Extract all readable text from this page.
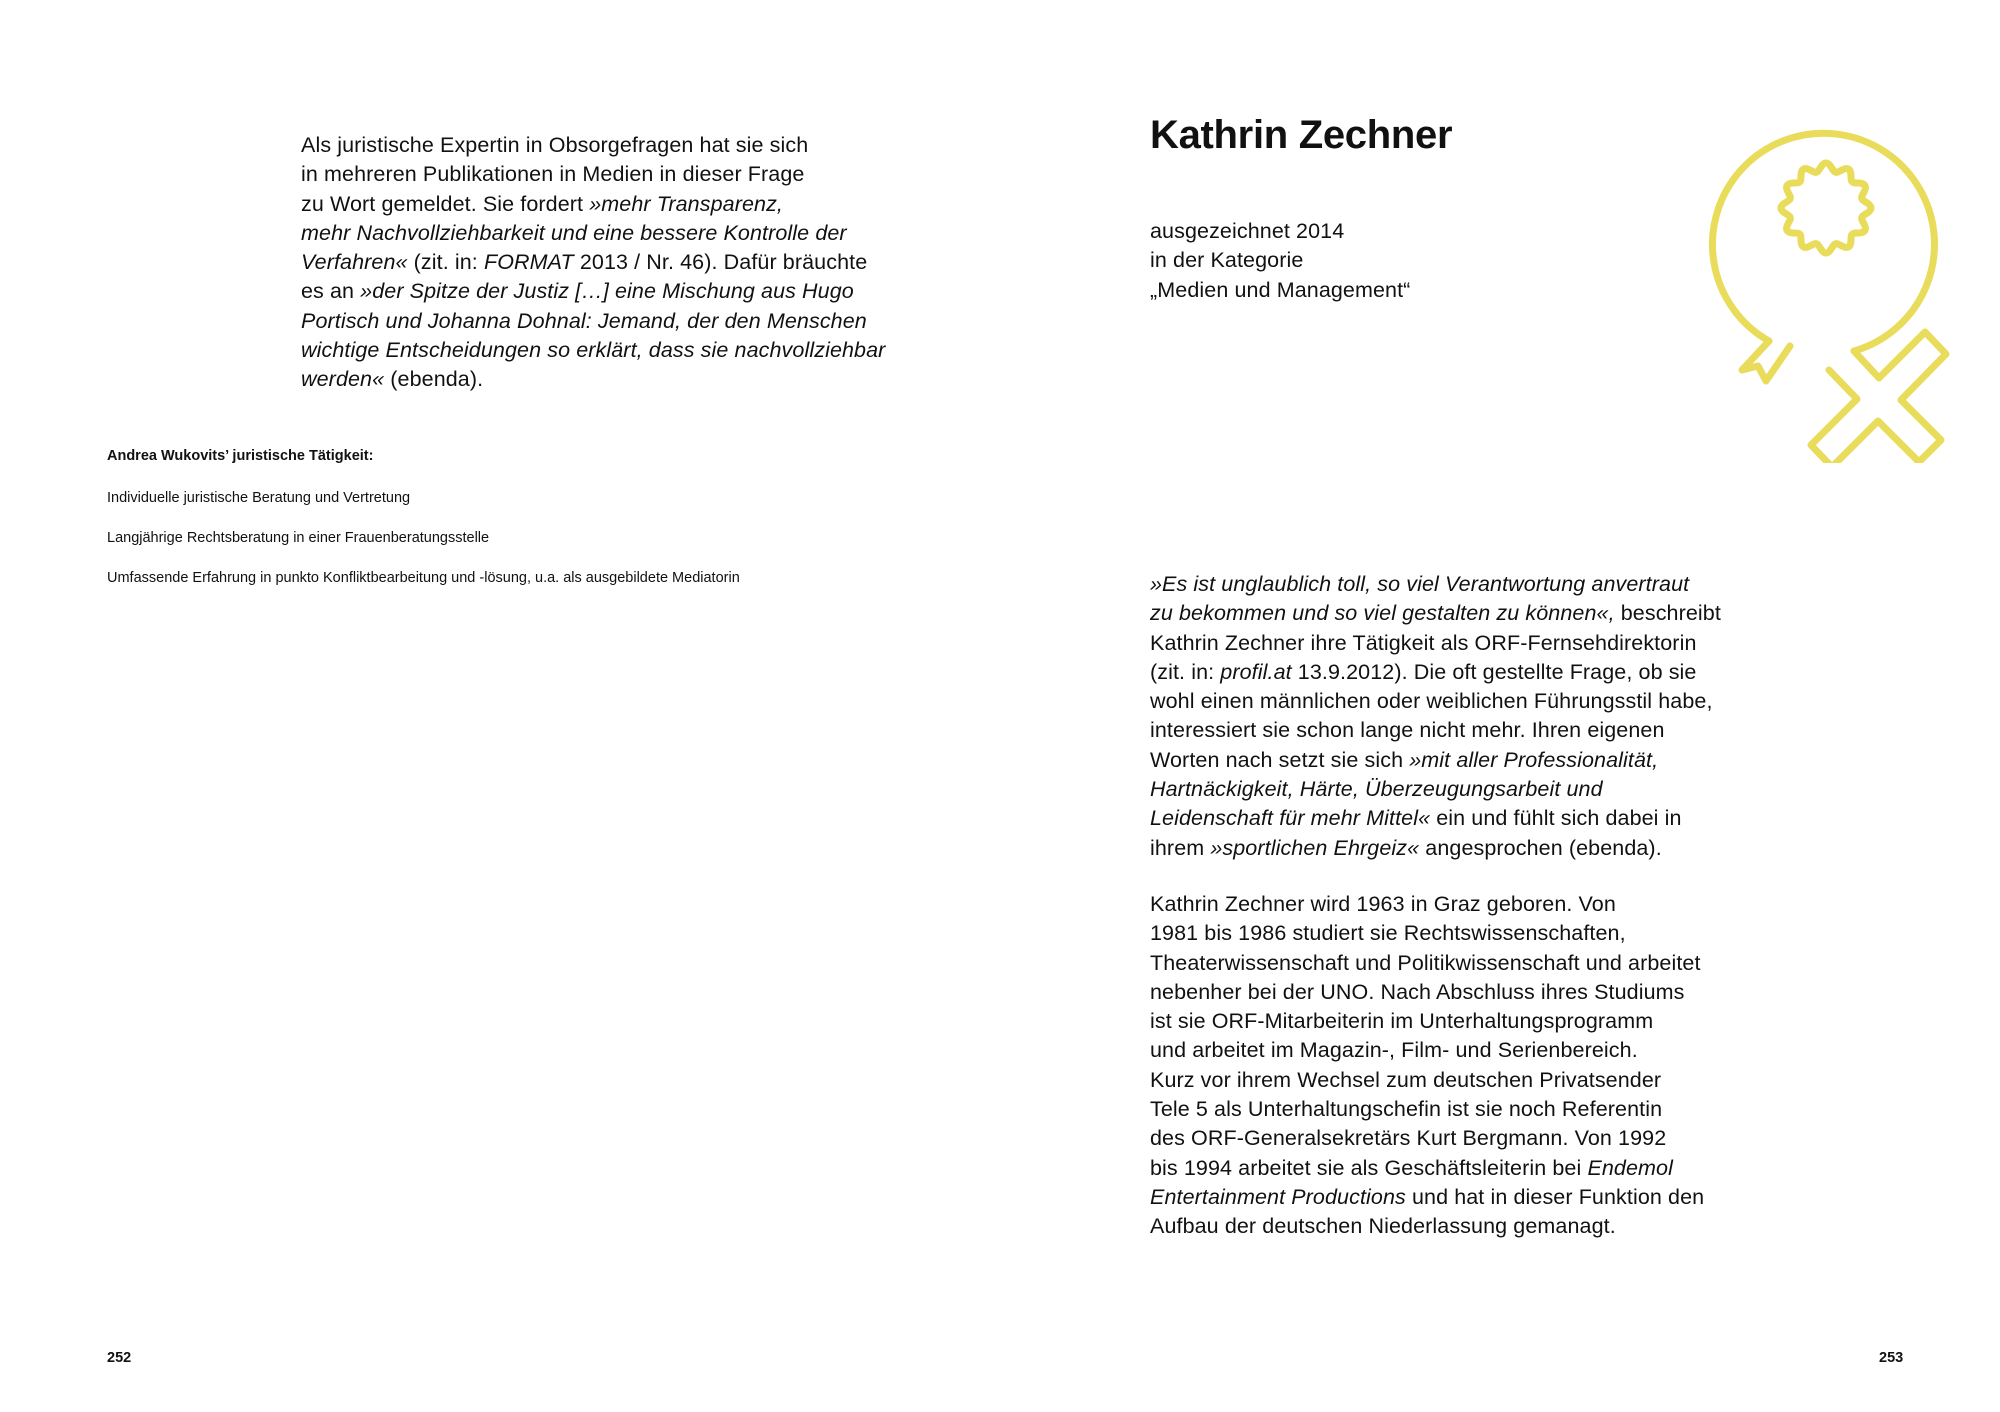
Als juristische Expertin in Obsorgefragen hat sie sich
in mehreren Publikationen in Medien in dieser Frage
zu Wort gemeldet. Sie fordert »mehr Transparenz,
mehr Nachvollziehbarkeit und eine bessere Kontrolle der
Verfahren« (zit. in: FORMAT 2013 / Nr. 46). Dafür bräuchte
es an »der Spitze der Justiz […] eine Mischung aus Hugo
Portisch und Johanna Dohnal: Jemand, der den Menschen
wichtige Entscheidungen so erklärt, dass sie nachvollziehbar
werden« (ebenda).
Andrea Wukovits’ juristische Tätigkeit:
Individuelle juristische Beratung und Vertretung
Langjährige Rechtsberatung in einer Frauenberatungsstelle
Umfassende Erfahrung in punkto Konfliktbearbeitung und -lösung, u.a. als ausgebildete Mediatorin
252	253
Kathrin Zechner
ausgezeichnet 2014
in der Kategorie
„Medien und Management“
»Es ist unglaublich toll, so viel Verantwortung anvertraut
zu bekommen und so viel gestalten zu können«, beschreibt
Kathrin Zechner ihre Tätigkeit als ORF-Fernsehdirektorin
(zit. in: profil.at 13.9.2012). Die oft gestellte Frage, ob sie
wohl einen männlichen oder weiblichen Führungsstil habe,
interessiert sie schon lange nicht mehr. Ihren eigenen
Worten nach setzt sie sich »mit aller Professionalität,
Hartnäckigkeit, Härte, Überzeugungsarbeit und
Leidenschaft für mehr Mittel« ein und fühlt sich dabei in
ihrem »sportlichen Ehrgeiz« angesprochen (ebenda).
Kathrin Zechner wird 1963 in Graz geboren. Von
1981 bis 1986 studiert sie Rechtswissenschaften,
Theaterwissenschaft und Politikwissenschaft und arbeitet
nebenher bei der UNO. Nach Abschluss ihres Studiums
ist sie ORF-Mitarbeiterin im Unterhaltungsprogramm
und arbeitet im Magazin-, Film- und Serienbereich.
Kurz vor ihrem Wechsel zum deutschen Privatsender
Tele 5 als Unterhaltungschefin ist sie noch Referentin
des ORF-Generalsekretärs Kurt Bergmann. Von 1992
bis 1994 arbeitet sie als Geschäftsleiterin bei Endemol
Entertainment Productions und hat in dieser Funktion den
Aufbau der deutschen Niederlassung gemanagt.
